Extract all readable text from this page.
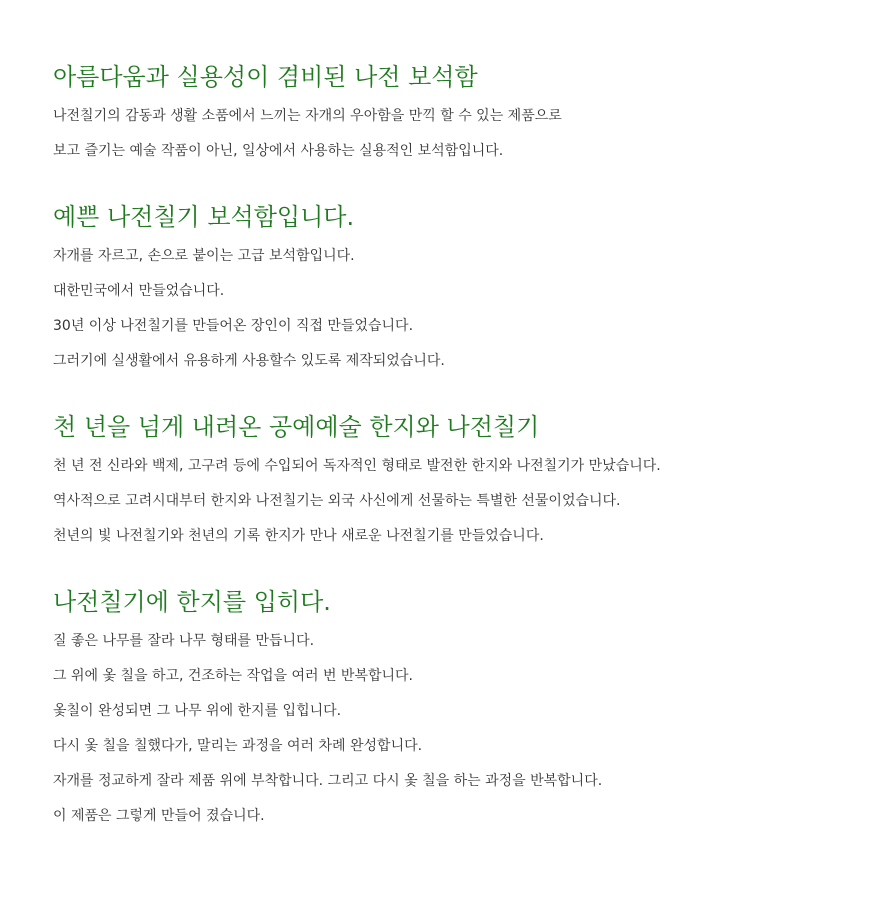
아름다움과 실용성이 겸비된 나전 보석함

나전칠기의 감동과 생활 소품에서 느끼는 자개의 우아함을 만끽 할 수 있는 제품으로

보고 즐기는 예술 작품이 아닌, 일상에서 사용하는 실용적인 보석함입니다.

예쁜 나전칠기 보석함입니다.

자개를 자르고, 손으로 붙이는 고급 보석함입니다.

대한민국에서 만들었습니다.

30년 이상 나전칠기를 만들어온 장인이 직접 만들었습니다.

그러기에 실생활에서 유용하게 사용할수 있도록 제작되었습니다.

천 년을 넘게 내려온 공예예술 한지와 나전칠기

천 년 전 신라와 백제, 고구려 등에 수입되어 독자적인 형태로 발전한 한지와 나전칠기가 만났습니다.

역사적으로 고려시대부터 한지와 나전칠기는 외국 사신에게 선물하는 특별한 선물이었습니다.

천년의 빛 나전칠기와 천년의 기록 한지가 만나 새로운 나전칠기를 만들었습니다.

나전칠기에 한지를 입히다.

질 좋은 나무를 잘라 나무 형태를 만듭니다.

그 위에 옻 칠을 하고, 건조하는 작업을 여러 번 반복합니다.

옻칠이 완성되면 그 나무 위에 한지를 입힙니다.

다시 옻 칠을 칠했다가, 말리는 과정을 여러 차례 완성합니다.

자개를 정교하게 잘라 제품 위에 부착합니다. 그리고 다시 옻 칠을 하는 과정을 반복합니다.

이 제품은 그렇게 만들어 졌습니다.
